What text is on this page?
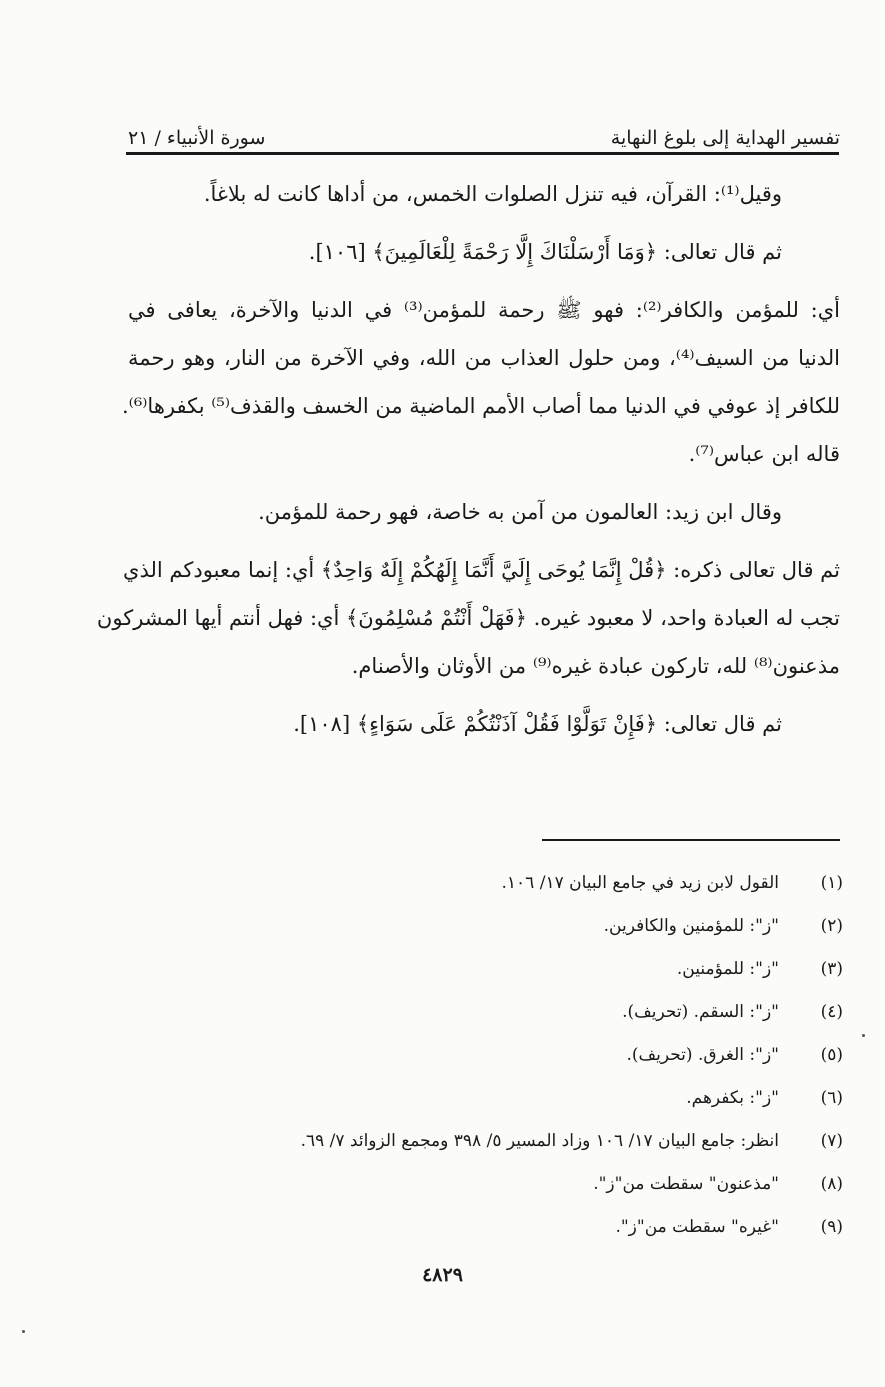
تفسير الهداية إلى بلوغ النهاية
سورة الأنبياء / ٢١
وقيل⁽¹⁾: القرآن، فيه تنزل الصلوات الخمس، من أداها كانت له بلاغاً.
ثم قال تعالى: ﴿وَمَا أَرْسَلْنَاكَ إِلَّا رَحْمَةً لِلْعَالَمِينَ﴾ [١٠٦].
أي: للمؤمن والكافر⁽²⁾: فهو ﷺ رحمة للمؤمن⁽³⁾ في الدنيا والآخرة، يعافى في
الدنيا من السيف⁽⁴⁾، ومن حلول العذاب من الله، وفي الآخرة من النار، وهو رحمة
للكافر إذ عوفي في الدنيا مما أصاب الأمم الماضية من الخسف والقذف⁽⁵⁾ بكفرها⁽⁶⁾.
قاله ابن عباس⁽⁷⁾.
وقال ابن زيد: العالمون من آمن به خاصة، فهو رحمة للمؤمن.
ثم قال تعالى ذكره: ﴿قُلْ إِنَّمَا يُوحَى إِلَيَّ أَنَّمَا إِلَهُكُمْ إِلَهٌ وَاحِدٌ﴾ أي: إنما معبودكم الذي
تجب له العبادة واحد، لا معبود غيره. ﴿فَهَلْ أَنْتُمْ مُسْلِمُونَ﴾ أي: فهل أنتم أيها المشركون
مذعنون⁽⁸⁾ لله، تاركون عبادة غيره⁽⁹⁾ من الأوثان والأصنام.
ثم قال تعالى: ﴿فَإِنْ تَوَلَّوْا فَقُلْ آذَنْتُكُمْ عَلَى سَوَاءٍ﴾ [١٠٨].
(١)
القول لابن زيد في جامع البيان ١٧/ ١٠٦.
(٢)
"ز": للمؤمنين والكافرين.
(٣)
"ز": للمؤمنين.
(٤)
"ز": السقم. (تحريف).
(٥)
"ز": الغرق. (تحريف).
(٦)
"ز": بكفرهم.
(٧)
انظر: جامع البيان ١٧/ ١٠٦ وزاد المسير ٥/ ٣٩٨ ومجمع الزوائد ٧/ ٦٩.
(٨)
"مذعنون" سقطت من"ز".
(٩)
"غيره" سقطت من"ز".
٤٨٢٩
